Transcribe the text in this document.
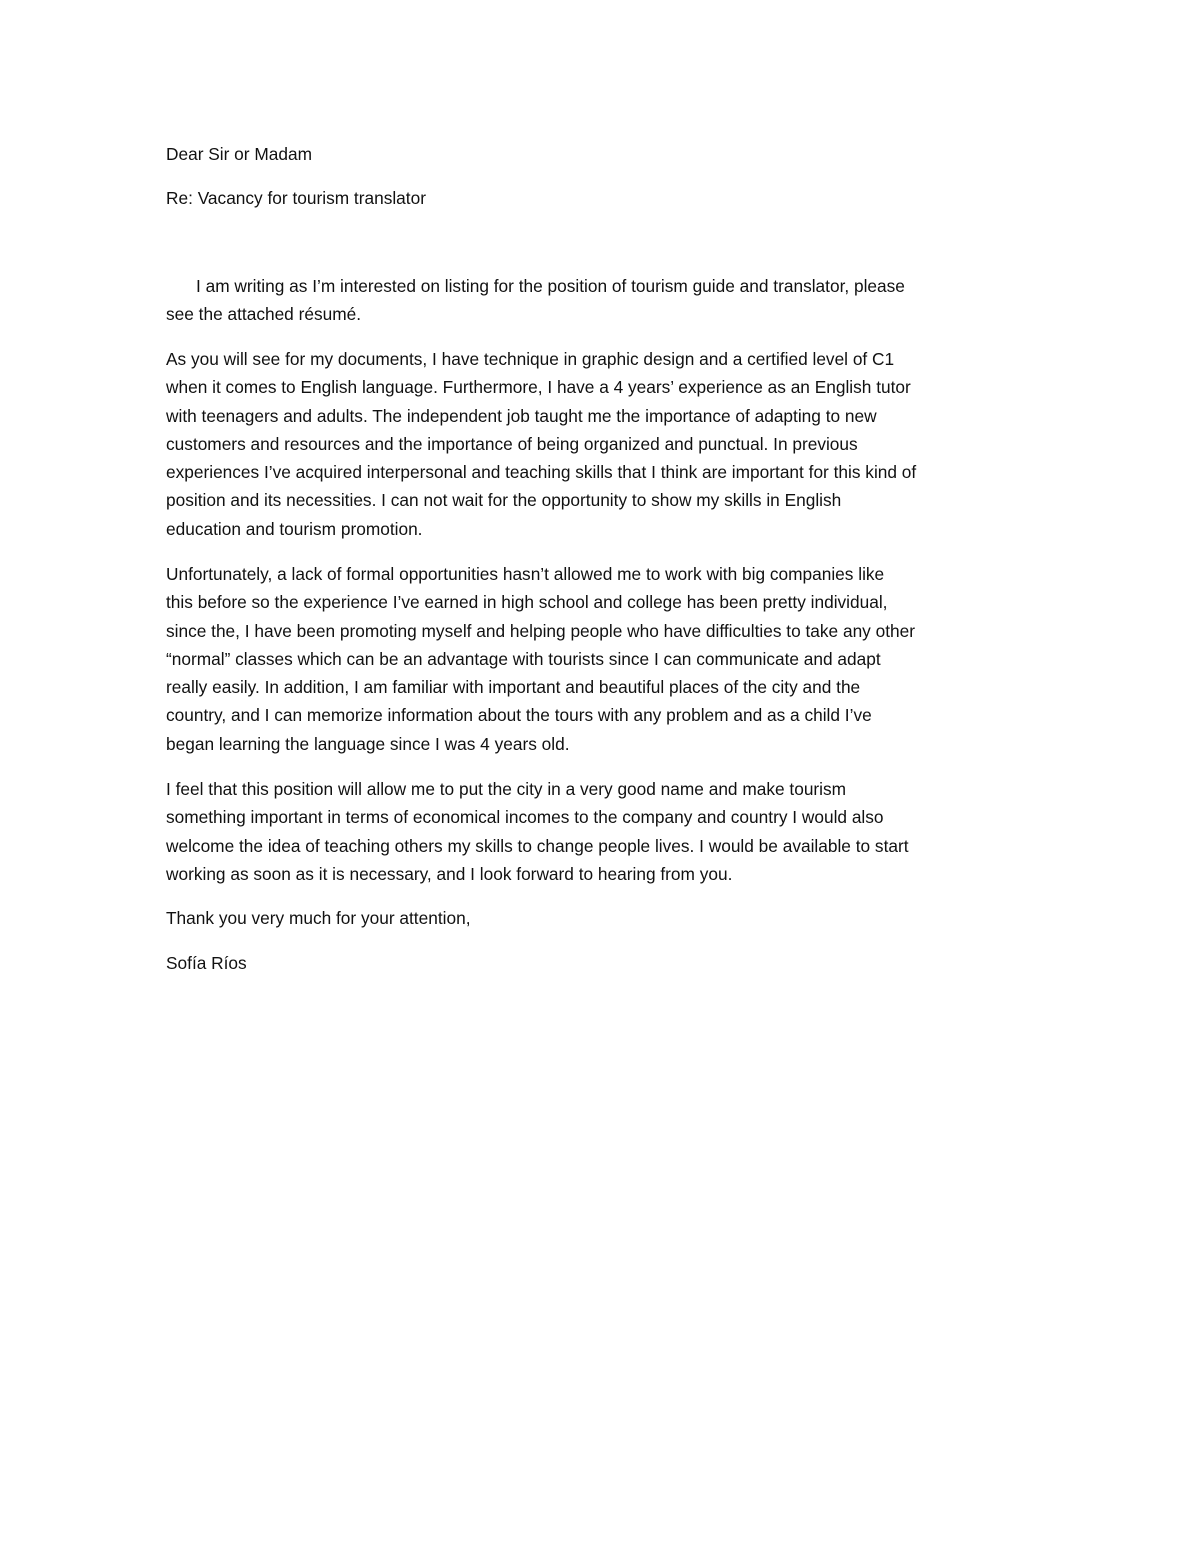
Dear Sir or Madam

Re: Vacancy for tourism translator

I am writing as I’m interested on listing for the position of tourism guide and translator, please
see the attached résumé.

As you will see for my documents, I have technique in graphic design and a certified level of C1
when it comes to English language. Furthermore, I have a 4 years’ experience as an English tutor
with teenagers and adults. The independent job taught me the importance of adapting to new
customers and resources and the importance of being organized and punctual. In previous
experiences I’ve acquired interpersonal and teaching skills that I think are important for this kind of
position and its necessities. I can not wait for the opportunity to show my skills in English
education and tourism promotion.

Unfortunately, a lack of formal opportunities hasn’t allowed me to work with big companies like
this before so the experience I’ve earned in high school and college has been pretty individual,
since the, I have been promoting myself and helping people who have difficulties to take any other
“normal” classes which can be an advantage with tourists since I can communicate and adapt
really easily. In addition, I am familiar with important and beautiful places of the city and the
country, and I can memorize information about the tours with any problem and as a child I’ve
began learning the language since I was 4 years old.

I feel that this position will allow me to put the city in a very good name and make tourism
something important in terms of economical incomes to the company and country I would also
welcome the idea of teaching others my skills to change people lives. I would be available to start
working as soon as it is necessary, and I look forward to hearing from you.

Thank you very much for your attention,

Sofía Ríos
